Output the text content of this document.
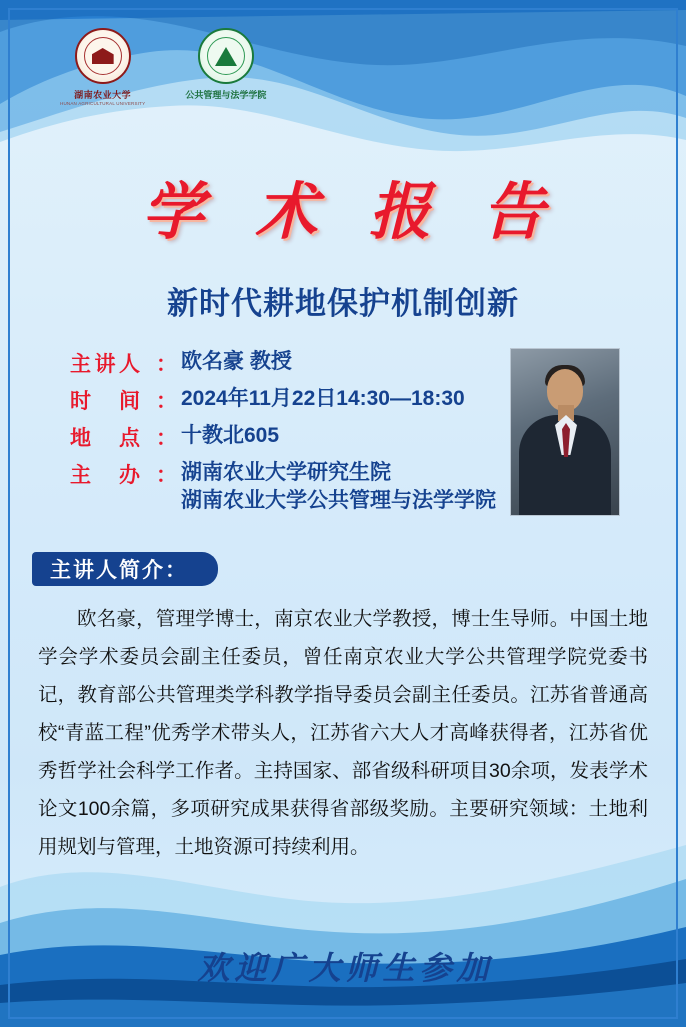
湖南农业大学
HUNAN AGRICULTURAL UNIVERSITY
公共管理与法学学院
学 术 报 告
新时代耕地保护机制创新
主讲人 ： 欧名豪 教授
时间 ： 2024年11月22日14:30—18:30
地点 ： 十教北605
主办 ： 湖南农业大学研究生院
湖南农业大学公共管理与法学学院
主讲人简介：
欧名豪，管理学博士，南京农业大学教授，博士生导师。中国土地学会学术委员会副主任委员，曾任南京农业大学公共管理学院党委书记，教育部公共管理类学科教学指导委员会副主任委员。江苏省普通高校“青蓝工程”优秀学术带头人，江苏省六大人才高峰获得者，江苏省优秀哲学社会科学工作者。主持国家、部省级科研项目30余项，发表学术论文100余篇，多项研究成果获得省部级奖励。主要研究领域：土地利用规划与管理，土地资源可持续利用。
欢迎广大师生参加
